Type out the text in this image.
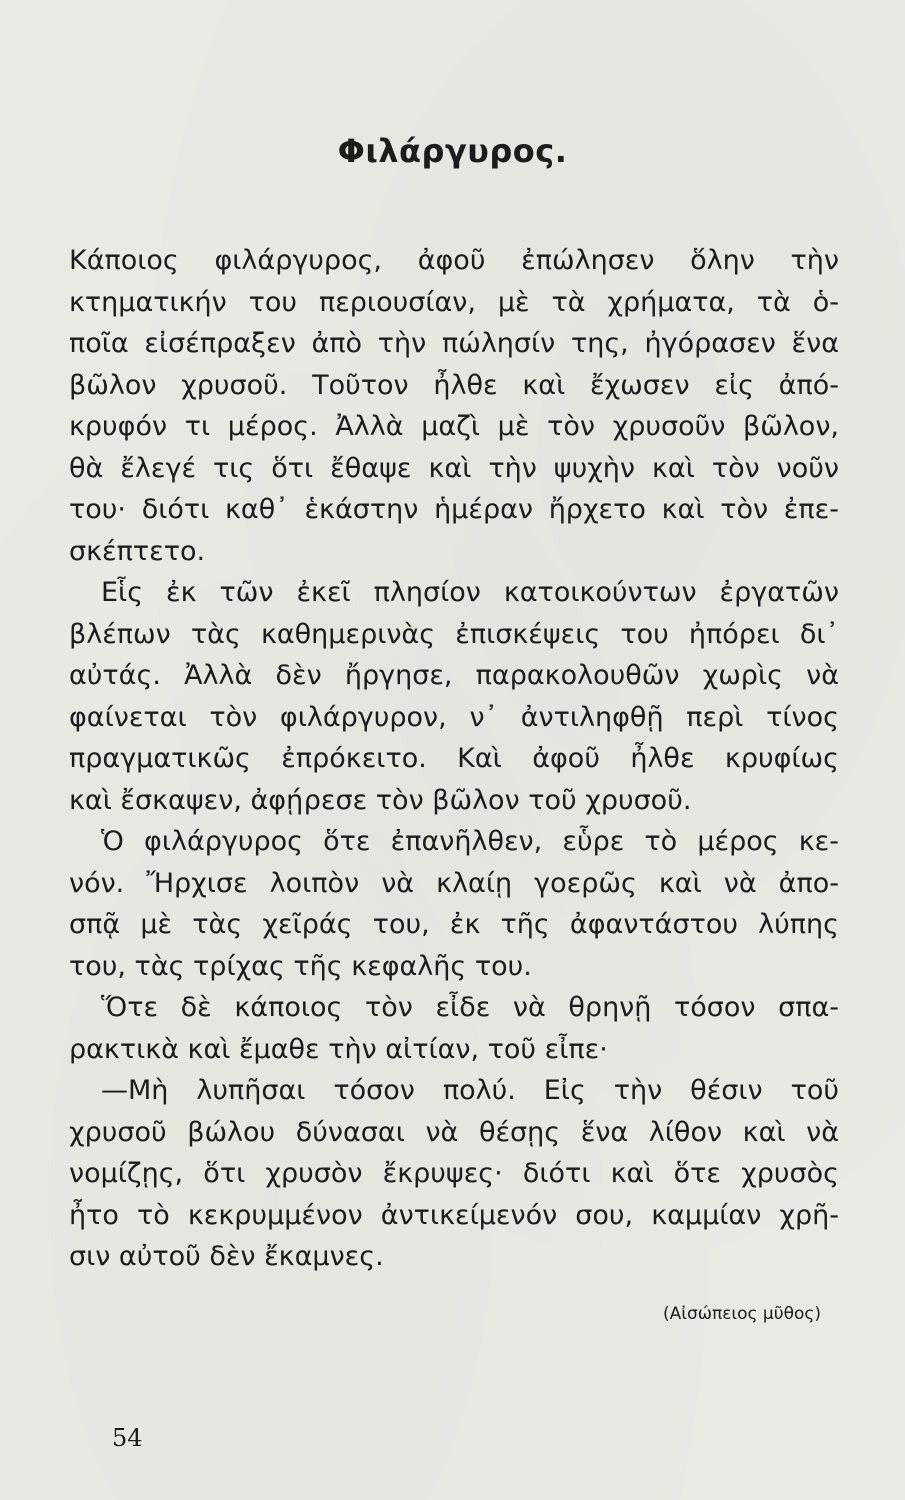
Φιλάργυρος.
Κάποιος φιλάργυρος, ἀφοῦ ἐπώλησεν ὅλην τὴν
κτηματικήν του περιουσίαν, μὲ τὰ χρήματα, τὰ ὁ-
ποῖα εἰσέπραξεν ἀπὸ τὴν πώλησίν της, ἠγόρασεν ἕνα
βῶλον χρυσοῦ. Τοῦτον ἦλθε καὶ ἔχωσεν εἰς ἀπό-
κρυφόν τι μέρος. Ἀλλὰ μαζὶ μὲ τὸν χρυσοῦν βῶλον,
θὰ ἔλεγέ τις ὅτι ἔθαψε καὶ τὴν ψυχὴν καὶ τὸν νοῦν
του· διότι καθ᾽ ἑκάστην ἡμέραν ἤρχετο καὶ τὸν ἐπε-
σκέπτετο.
Εἷς ἐκ τῶν ἐκεῖ πλησίον κατοικούντων ἐργατῶν
βλέπων τὰς καθημερινὰς ἐπισκέψεις του ἠπόρει δι᾽
αὐτάς. Ἀλλὰ δὲν ἤργησε, παρακολουθῶν χωρὶς νὰ
φαίνεται τὸν φιλάργυρον, ν᾽ ἀντιληφθῇ περὶ τίνος
πραγματικῶς ἐπρόκειτο. Καὶ ἀφοῦ ἦλθε κρυφίως
καὶ ἔσκαψεν, ἀφῄρεσε τὸν βῶλον τοῦ χρυσοῦ.
Ὁ φιλάργυρος ὅτε ἐπανῆλθεν, εὗρε τὸ μέρος κε-
νόν. Ἤρχισε λοιπὸν νὰ κλαίῃ γοερῶς καὶ νὰ ἀπο-
σπᾷ μὲ τὰς χεῖράς του, ἐκ τῆς ἀφαντάστου λύπης
του, τὰς τρίχας τῆς κεφαλῆς του.
Ὅτε δὲ κάποιος τὸν εἶδε νὰ θρηνῇ τόσον σπα-
ρακτικὰ καὶ ἔμαθε τὴν αἰτίαν, τοῦ εἶπε·
—Μὴ λυπῆσαι τόσον πολύ. Εἰς τὴν θέσιν τοῦ
χρυσοῦ βώλου δύνασαι νὰ θέσῃς ἕνα λίθον καὶ νὰ
νομίζῃς, ὅτι χρυσὸν ἔκρυψες· διότι καὶ ὅτε χρυσὸς
ἦτο τὸ κεκρυμμένον ἀντικείμενόν σου, καμμίαν χρῆ-
σιν αὐτοῦ δὲν ἔκαμνες.
(Αἰσώπειος μῦθος)
54
